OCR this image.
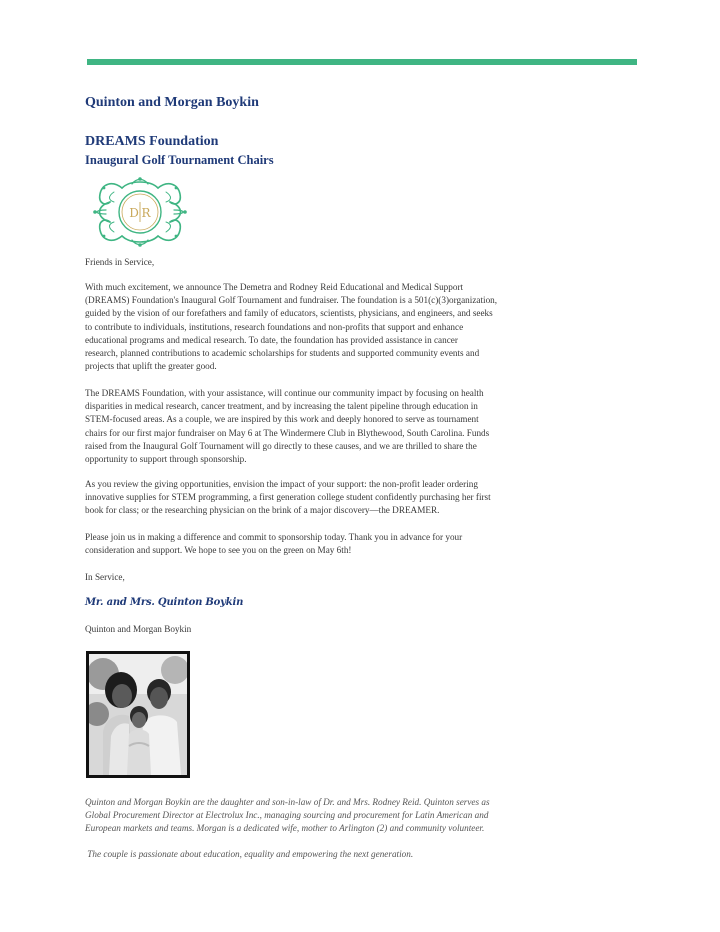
Quinton and Morgan Boykin
DREAMS Foundation
Inaugural Golf Tournament Chairs
D R

Friends in Service,

With much excitement, we announce The Demetra and Rodney Reid Educational and Medical Support
(DREAMS) Foundation's Inaugural Golf Tournament and fundraiser. The foundation is a 501(c)(3)organization,
guided by the vision of our forefathers and family of educators, scientists, physicians, and engineers, and seeks
to contribute to individuals, institutions, research foundations and non-profits that support and enhance
educational programs and medical research. To date, the foundation has provided assistance in cancer
research, planned contributions to academic scholarships for students and supported community events and
projects that uplift the greater good.

The DREAMS Foundation, with your assistance, will continue our community impact by focusing on health
disparities in medical research, cancer treatment, and by increasing the talent pipeline through education in
STEM-focused areas. As a couple, we are inspired by this work and deeply honored to serve as tournament
chairs for our first major fundraiser on May 6 at The Windermere Club in Blythewood, South Carolina. Funds
raised from the Inaugural Golf Tournament will go directly to these causes, and we are thrilled to share the
opportunity to support through sponsorship.

As you review the giving opportunities, envision the impact of your support: the non-profit leader ordering
innovative supplies for STEM programming, a first generation college student confidently purchasing her first
book for class; or the researching physician on the brink of a major discovery—the DREAMER.

Please join us in making a difference and commit to sponsorship today. Thank you in advance for your
consideration and support. We hope to see you on the green on May 6th!

In Service,

Mr. and Mrs. Quinton Boykin

Quinton and Morgan Boykin

Quinton and Morgan Boykin are the daughter and son-in-law of Dr. and Mrs. Rodney Reid. Quinton serves as
Global Procurement Director at Electrolux Inc., managing sourcing and procurement for Latin American and
European markets and teams. Morgan is a dedicated wife, mother to Arlington (2) and community volunteer.

The couple is passionate about education, equality and empowering the next generation.
